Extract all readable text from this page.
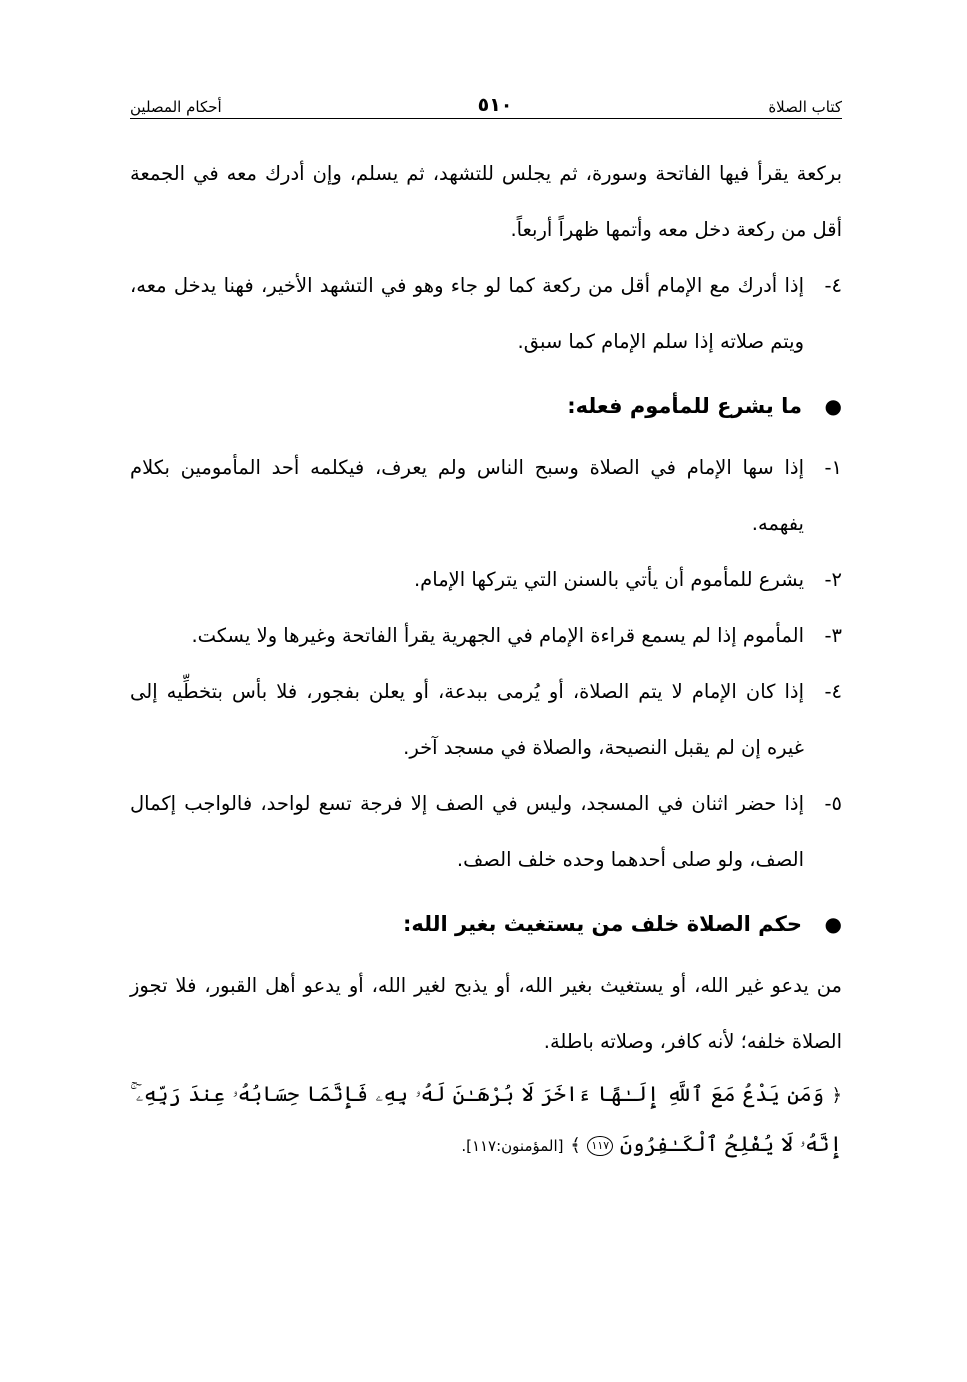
كتاب الصلاة
٥١٠
أحكام المصلين

بركعة يقرأ فيها الفاتحة وسورة، ثم يجلس للتشهد، ثم يسلم، وإن أدرك معه في الجمعة أقل من ركعة دخل معه وأتمها ظهراً أربعاً.

٤-
إذا أدرك مع الإمام أقل من ركعة كما لو جاء وهو في التشهد الأخير، فهنا يدخل معه، ويتم صلاته إذا سلم الإمام كما سبق.

●
ما يشرع للمأموم فعله:

١-
إذا سها الإمام في الصلاة وسبح الناس ولم يعرف، فيكلمه أحد المأمومين بكلام يفهمه.

٢-
يشرع للمأموم أن يأتي بالسنن التي يتركها الإمام.

٣-
المأموم إذا لم يسمع قراءة الإمام في الجهرية يقرأ الفاتحة وغيرها ولا يسكت.

٤-
إذا كان الإمام لا يتم الصلاة، أو يُرمى ببدعة، أو يعلن بفجور، فلا بأس بتخطِّيه إلى غيره إن لم يقبل النصيحة، والصلاة في مسجد آخر.

٥-
إذا حضر اثنان في المسجد، وليس في الصف إلا فرجة تسع لواحد، فالواجب إكمال الصف، ولو صلى أحدهما وحده خلف الصف.

●
حكم الصلاة خلف من يستغيث بغير الله:

من يدعو غير الله، أو يستغيث بغير الله، أو يذبح لغير الله، أو يدعو أهل القبور، فلا تجوز الصلاة خلفه؛ لأنه كافر، وصلاته باطلة.

﴿ وَمَن يَدْعُ مَعَ ٱللَّهِ إِلَـٰهًا ءَاخَرَ لَا بُرْهَـٰنَ لَهُۥ بِهِۦ فَإِنَّمَا حِسَابُهُۥ عِندَ رَبِّهِۦٓ ۚ إِنَّهُۥ لَا يُفْلِحُ ٱلْكَـٰفِرُونَ ١١٧ ﴾ [المؤمنون:١١٧].
